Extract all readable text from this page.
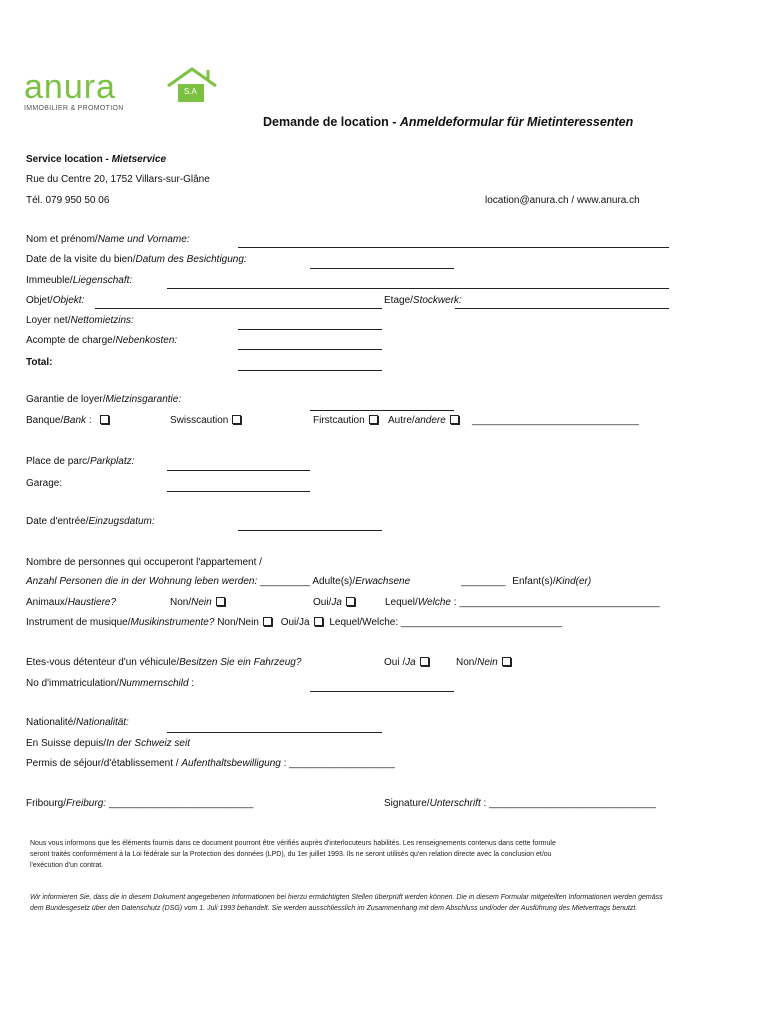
anura	S.A
IMMOBILIER & PROMOTION
Demande de location - Anmeldeformular für Mietinteressenten
Service location - Mietservice
Rue du Centre 20, 1752 Villars-sur-Glâne
Tél. 079 950 50 06	location@anura.ch / www.anura.ch
Nom et prénom/Name und Vorname:
Date de la visite du bien/Datum des Besichtigung:
Immeuble/Liegenschaft:
Objet/Objekt:	Etage/Stockwerk:
Loyer net/Nettomietzins:
Acompte de charge/Nebenkosten:
Total:
Garantie de loyer/Mietzinsgarantie:
Banque/Bank :	Swisscaution	Firstcaution	Autre/andere	______________________________
Place de parc/Parkplatz:
Garage:
Date d'entrée/Einzugsdatum:
Nombre de personnes qui occuperont l'appartement /
Anzahl Personen die in der Wohnung leben werden: _________ Adulte(s)/Erwachsene	________ Enfant(s)/Kind(er)
Animaux/Haustiere?	Non/Nein	Oui/Ja	Lequel/Welche : ____________________________________
Instrument de musique/Musikinstrumente? Non/Nein Oui/Ja Lequel/Welche: _____________________________
Etes-vous détenteur d'un véhicule/Besitzen Sie ein Fahrzeug?	Oui /Ja	Non/Nein
No d'immatriculation/Nummernschild :
Nationalité/Nationalität:
En Suisse depuis/In der Schweiz seit
Permis de séjour/d'établissement / Aufenthaltsbewilligung : ___________________
Fribourg/Freiburg: __________________________	Signature/Unterschrift : ______________________________
Nous vous informons que les éléments fournis dans ce document pourront être vérifiés auprès d'interlocuteurs habilités. Les renseignements contenus dans cette formule seront traités conformément à la Loi fédérale sur la Protection des données (LPD), du 1er juillet 1993. Ils ne seront utilisés qu'en relation directe avec la conclusion et/ou l'exécution d'un contrat.
Wir informieren Sie, dass die in diesem Dokument angegebenen Informationen bei hierzu ermächtigten Stellen überprüft werden können. Die in diesem Formular mitgeteilten Informationen werden gemäss dem Bundesgesetz über den Datenschutz (DSG) vom 1. Juli 1993 behandelt. Sie werden ausschliesslich im Zusammenhang mit dem Abschluss und/oder der Ausführung des Mietvertrags benutzt.
